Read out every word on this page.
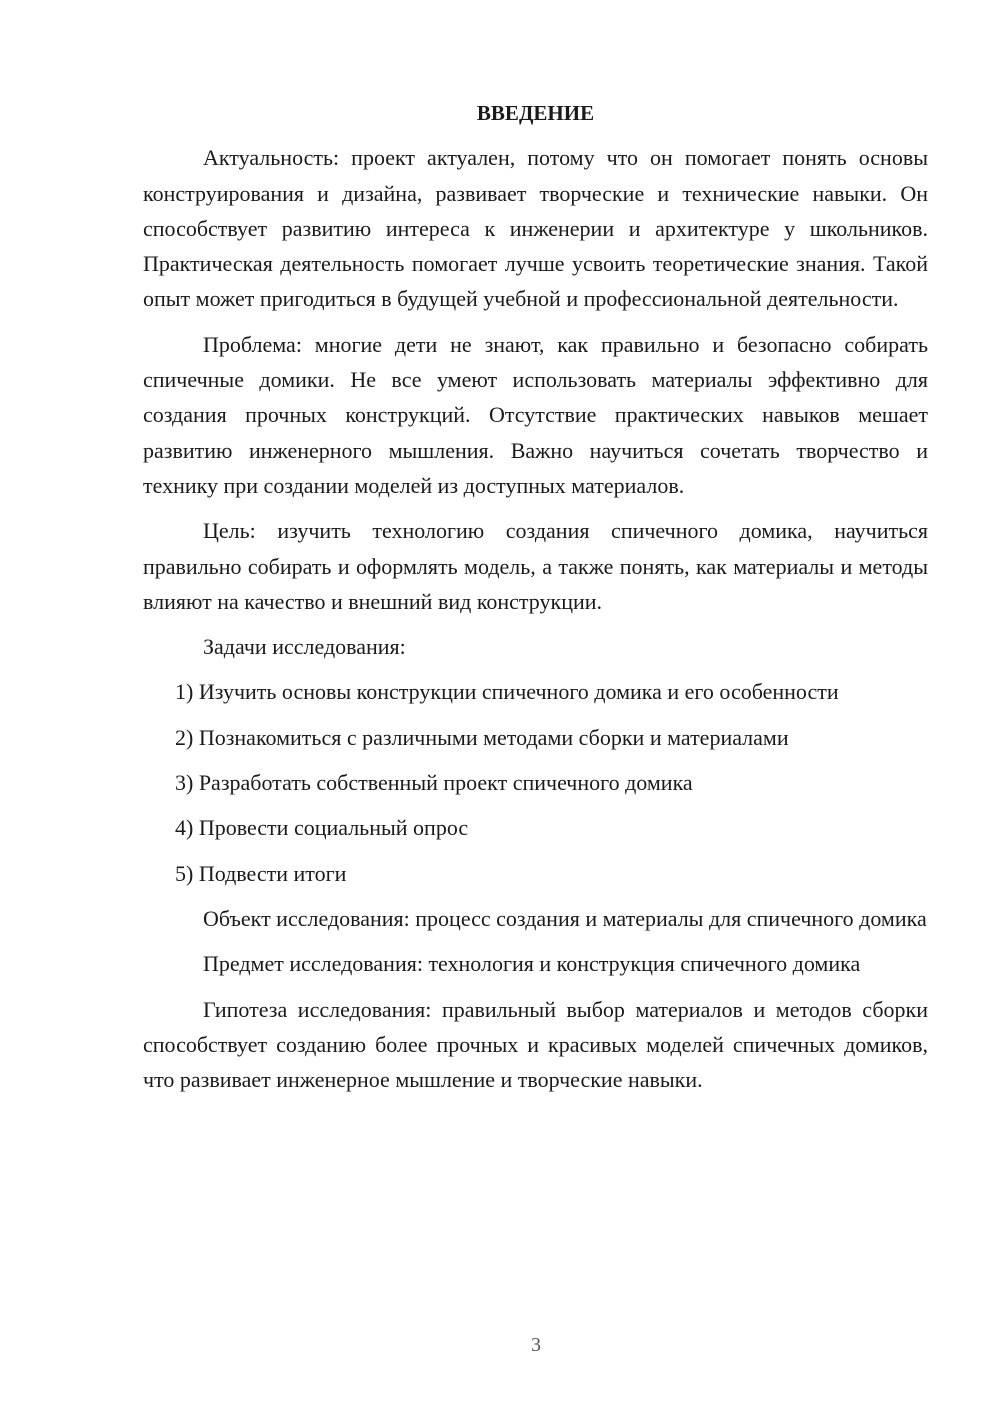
ВВЕДЕНИЕ

Актуальность: проект актуален, потому что он помогает понять основы конструирования и дизайна, развивает творческие и технические навыки. Он способствует развитию интереса к инженерии и архитектуре у школьников. Практическая деятельность помогает лучше усвоить теоретические знания. Такой опыт может пригодиться в будущей учебной и профессиональной деятельности.

Проблема: многие дети не знают, как правильно и безопасно собирать спичечные домики. Не все умеют использовать материалы эффективно для создания прочных конструкций. Отсутствие практических навыков мешает развитию инженерного мышления. Важно научиться сочетать творчество и технику при создании моделей из доступных материалов.

Цель: изучить технологию создания спичечного домика, научиться правильно собирать и оформлять модель, а также понять, как материалы и методы влияют на качество и внешний вид конструкции.

Задачи исследования:

1) Изучить основы конструкции спичечного домика и его особенности
2) Познакомиться с различными методами сборки и материалами
3) Разработать собственный проект спичечного домика
4) Провести социальный опрос
5) Подвести итоги

Объект исследования: процесс создания и материалы для спичечного домика

Предмет исследования: технология и конструкция спичечного домика

Гипотеза исследования: правильный выбор материалов и методов сборки способствует созданию более прочных и красивых моделей спичечных домиков, что развивает инженерное мышление и творческие навыки.

3
